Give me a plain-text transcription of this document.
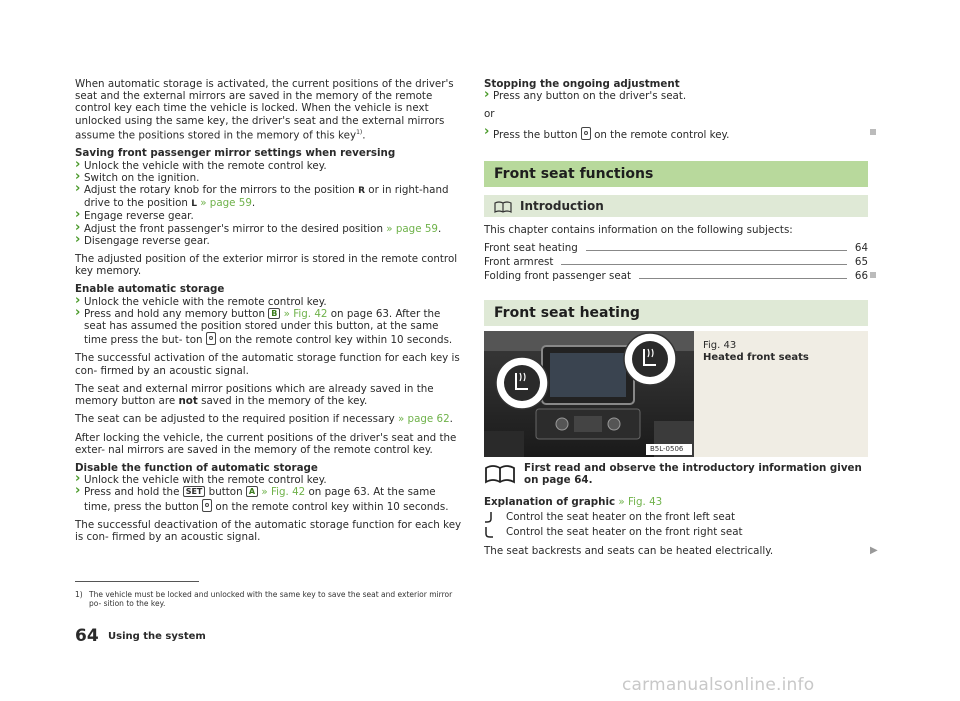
When automatic storage is activated, the current positions of the driver's seat and the external mirrors are saved in the memory of the remote control key each time the vehicle is locked. When the vehicle is next unlocked using the same key, the driver's seat and the external mirrors assume the positions stored in the memory of this key$^{1)}$.

Saving front passenger mirror settings when reversing

› Unlock the vehicle with the remote control key.

› Switch on the ignition.

› Adjust the rotary knob for the mirrors to the position R or in right-hand drive to the position L » page 59.

› Engage reverse gear.

› Adjust the front passenger's mirror to the desired position » page 59.

› Disengage reverse gear.

The adjusted position of the exterior mirror is stored in the remote control key memory.

Enable automatic storage

› Unlock the vehicle with the remote control key.

› Press and hold any memory button B » Fig. 42 on page 63. After the seat has assumed the position stored under this button, at the same time press the but- ton on the remote control key within 10 seconds.

The successful activation of the automatic storage function for each key is con- firmed by an acoustic signal.

The seat and external mirror positions which are already saved in the memory button are not saved in the memory of the key.

The seat can be adjusted to the required position if necessary » page 62.

After locking the vehicle, the current positions of the driver's seat and the exter- nal mirrors are saved in the memory of the remote control key.

Disable the function of automatic storage

› Unlock the vehicle with the remote control key.

› Press and hold the SET button A » Fig. 42 on page 63. At the same time, press the button on the remote control key within 10 seconds.

The successful deactivation of the automatic storage function for each key is con- firmed by an acoustic signal.

Stopping the ongoing adjustment

› Press any button on the driver's seat.

or

› Press the button on the remote control key.

Front seat functions
Introduction
This chapter contains information on the following subjects:
Front seat heating	64
Front armrest	65
Folding front passenger seat	66
Front seat heating
B5L-0506
Fig. 43
Heated front seats
First read and observe the introductory information given on page 64.
Explanation of graphic » Fig. 43
Control the seat heater on the front left seat
Control the seat heater on the front right seat
The seat backrests and seats can be heated electrically.	▶
1) The vehicle must be locked and unlocked with the same key to save the seat and exterior mirror po- sition to the key.
64 Using the system
carmanualsonline.info
